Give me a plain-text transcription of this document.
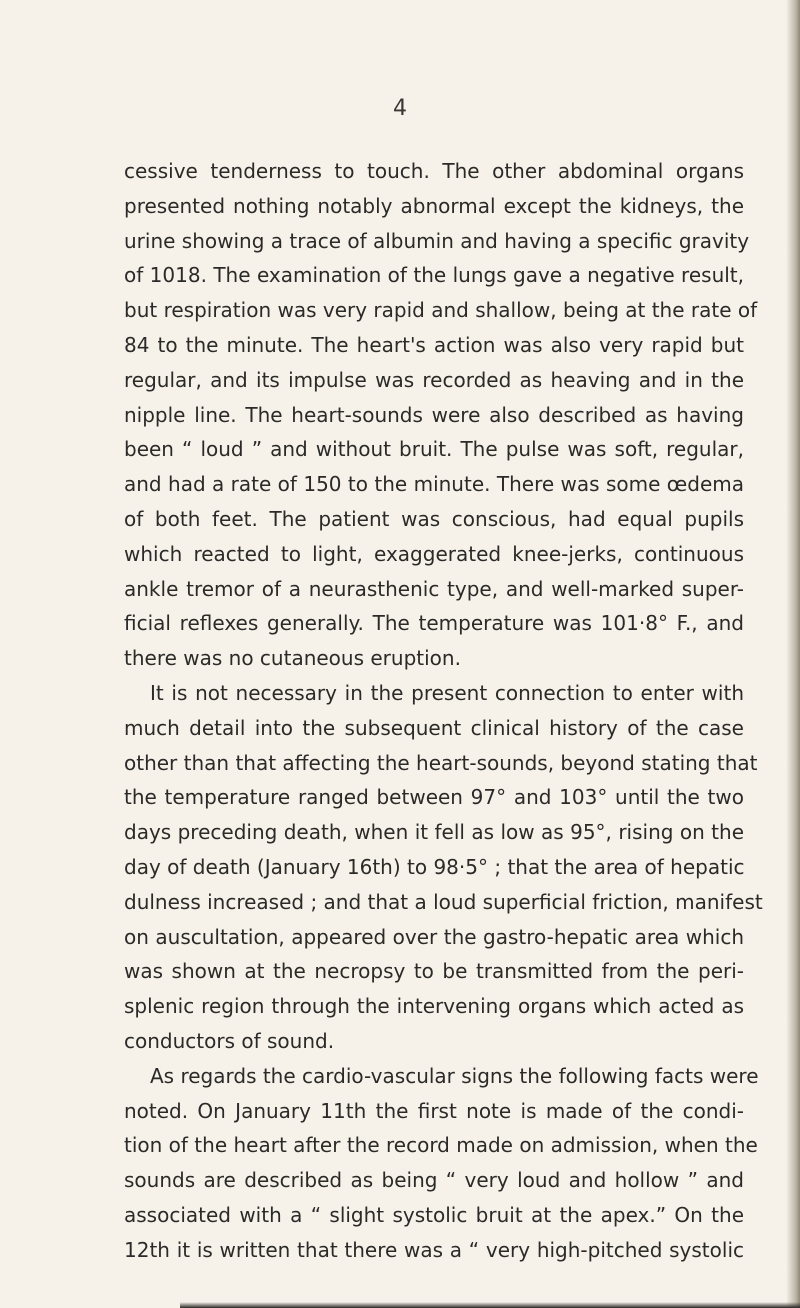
4
cessive tenderness to touch. The other abdominal organs
presented nothing notably abnormal except the kidneys, the
urine showing a trace of albumin and having a specific gravity
of 1018. The examination of the lungs gave a negative result,
but respiration was very rapid and shallow, being at the rate of
84 to the minute. The heart's action was also very rapid but
regular, and its impulse was recorded as heaving and in the
nipple line. The heart-sounds were also described as having
been “ loud ” and without bruit. The pulse was soft, regular,
and had a rate of 150 to the minute. There was some œdema
of both feet. The patient was conscious, had equal pupils
which reacted to light, exaggerated knee-jerks, continuous
ankle tremor of a neurasthenic type, and well-marked super-
ficial reflexes generally. The temperature was 101·8° F., and
there was no cutaneous eruption.
It is not necessary in the present connection to enter with
much detail into the subsequent clinical history of the case
other than that affecting the heart-sounds, beyond stating that
the temperature ranged between 97° and 103° until the two
days preceding death, when it fell as low as 95°, rising on the
day of death (January 16th) to 98·5° ; that the area of hepatic
dulness increased ; and that a loud superficial friction, manifest
on auscultation, appeared over the gastro-hepatic area which
was shown at the necropsy to be transmitted from the peri-
splenic region through the intervening organs which acted as
conductors of sound.
As regards the cardio-vascular signs the following facts were
noted. On January 11th the first note is made of the condi-
tion of the heart after the record made on admission, when the
sounds are described as being “ very loud and hollow ” and
associated with a “ slight systolic bruit at the apex.” On the
12th it is written that there was a “ very high-pitched systolic
